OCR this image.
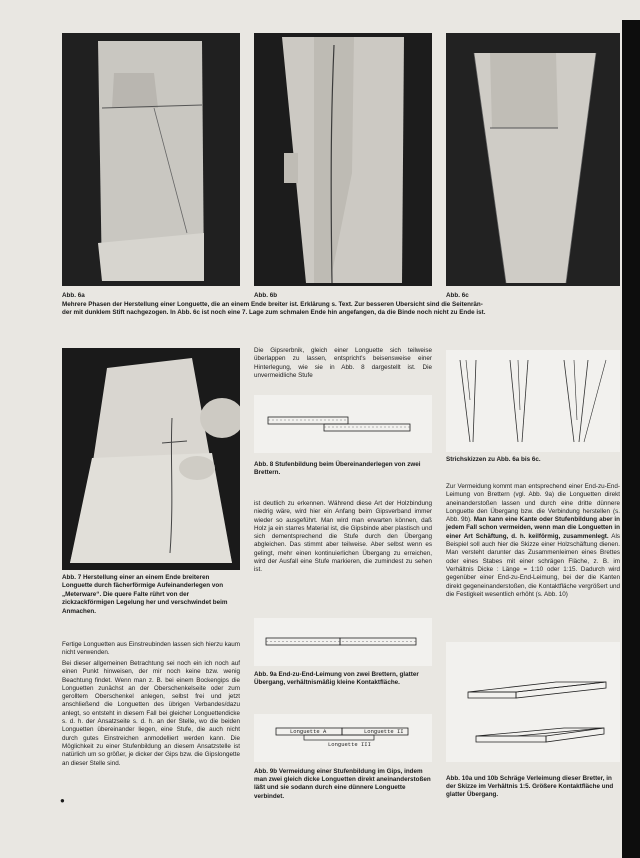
Abb. 6a	Abb. 6b	Abb. 6c
Mehrere Phasen der Herstellung einer Longuette, die an einem Ende breiter ist. Erklärung s. Text. Zur besseren Übersicht sind die Seitenrän-
der mit dunklem Stift nachgezogen. In Abb. 6c ist noch eine 7. Lage zum schmalen Ende hin angefangen, da die Binde noch nicht zu Ende ist.
Abb. 7 Herstellung einer an einem Ende breiteren Longuette durch fächerförmige Aufeinanderlegen von „Meterware“. Die quere Falte rührt von der zickzackförmigen Legelung her und verschwindet beim Anmachen.
Fertige Longuetten aus Einstreubinden lassen sich hierzu kaum nicht verwenden.
Bei dieser allgemeinen Betrachtung sei noch ein ich noch auf einen Punkt hinweisen, der mir noch keine bzw. wenig Beachtung findet. Wenn man z. B. bei einem Bockengips die Longuetten zunächst an der Oberschenkelseite oder zum gerolltem Oberschenkel anlegen, selbst frei und jetzt anschließend die Longuetten des übrigen Verbandes/dazu anlegt, so entsteht in diesem Fall bei gleicher Longuettendicke s. d. h. der Ansatzseite s. d. h. an der Stelle, wo die beiden Longuetten übereinander liegen, eine Stufe, die auch nicht durch gutes Einstreichen anmodelliert werden kann. Die Möglichkeit zu einer Stufenbildung an diesem Ansatzstelle ist natürlich um so größer, je dicker der Gips bzw. die Gipslongette an dieser Stelle sind.
●
Die Gipsrerbnik, gleich einer Longuette sich teilweise überlappen zu lassen, entspricht's beisensweise einer Hinterlegung, wie sie in Abb. 8 dargestellt ist. Die unvermeidliche Stufe
Abb. 8 Stufenbildung beim Übereinanderlegen von zwei Brettern.
ist deutlich zu erkennen. Während diese Art der Holzbindung niedrig wäre, wird hier ein Anfang beim Gipsverband immer wieder so ausgeführt. Man wird man erwarten können, daß Holz ja ein starres Material ist, die Gipsbinde aber plastisch und sich dementsprechend die Stufe durch den Übergang abgleichen. Das stimmt aber teilweise. Aber selbst wenn es gelingt, mehr einen kontinuierlichen Übergang zu erreichen, wird der Ausfall eine Stufe markieren, die zumindest zu sehen ist.
Abb. 9a End-zu-End-Leimung von zwei Brettern, glatter Übergang, verhältnismäßig kleine Kontaktfläche.
Longuette A	Longuette II
Longuette III
Abb. 9b Vermeidung einer Stufenbildung im Gips, indem man zwei gleich dicke Longuetten direkt aneinanderstoßen läßt und sie sodann durch eine dünnere Longuette verbindet.
Strichskizzen zu Abb. 6a bis 6c.
Zur Vermeidung kommt man entsprechend einer End-zu-End-Leimung von Brettern (vgl. Abb. 9a) die Longuetten direkt aneinanderstoßen lassen und durch eine dritte dünnere Longuette den Übergang bzw. die Verbindung herstellen (s. Abb. 9b). Man kann eine Kante oder Stufenbildung aber in jedem Fall schon vermeiden, wenn man die Longuetten in einer Art Schäftung, d. h. keilförmig, zusammenlegt. Als Beispiel soll auch hier die Skizze einer Holzschäftung dienen. Man versteht darunter das Zusammenleimen eines Brettes oder eines Stabes mit einer schrägen Fläche, z. B. im Verhältnis Dicke : Länge = 1:10 oder 1:15. Dadurch wird gegenüber einer End-zu-End-Leimung, bei der die Kanten direkt gegeneinanderstoßen, die Kontaktfläche vergrößert und die Festigkeit wesentlich erhöht (s. Abb. 10)
Abb. 10a und 10b Schräge Verleimung dieser Bretter, in der Skizze im Verhältnis 1:5. Größere Kontaktfläche und glatter Übergang.
